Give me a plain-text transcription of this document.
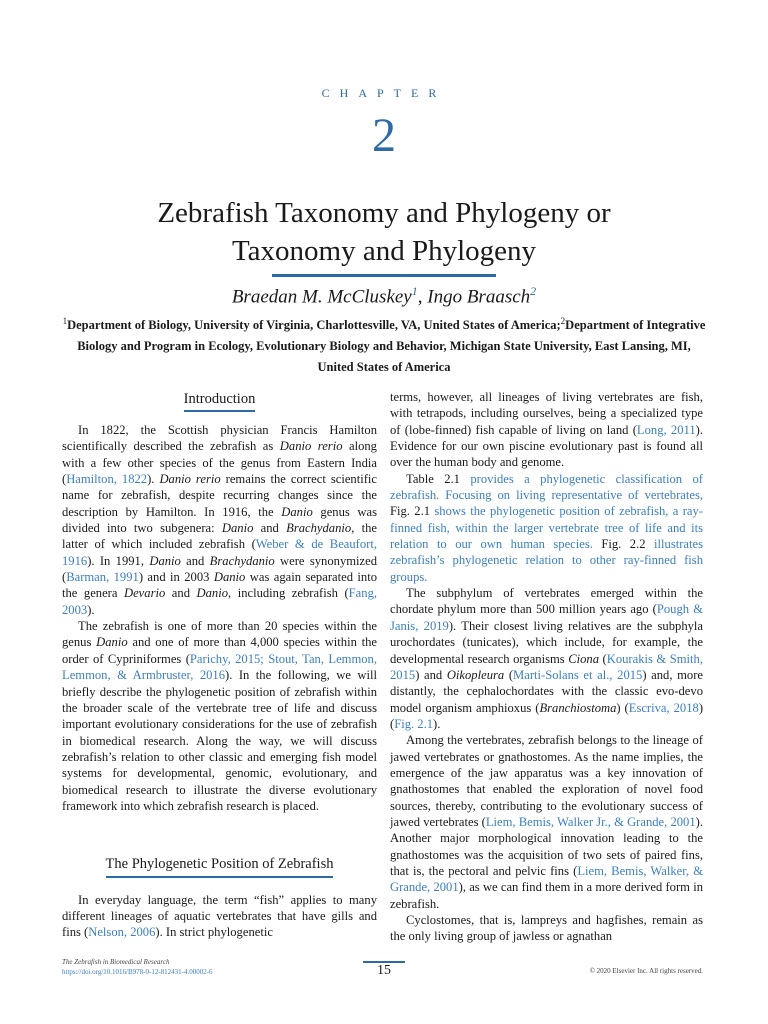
CHAPTER
2
Zebrafish Taxonomy and Phylogeny or
Taxonomy and Phylogeny
Braedan M. McCluskey$^1$, Ingo Braasch$^2$
$^1$Department of Biology, University of Virginia, Charlottesville, VA, United States of America;$^2$Department of Integrative Biology and Program in Ecology, Evolutionary Biology and Behavior, Michigan State University, East Lansing, MI, United States of America
Introduction

In 1822, the Scottish physician Francis Hamilton scientifically described the zebrafish as Danio rerio along with a few other species of the genus from Eastern India (Hamilton, 1822). Danio rerio remains the correct scientific name for zebrafish, despite recurring changes since the description by Hamilton. In 1916, the Danio genus was divided into two subgenera: Danio and Brachydanio, the latter of which included zebrafish (Weber & de Beaufort, 1916). In 1991, Danio and Brachydanio were synonymized (Barman, 1991) and in 2003 Danio was again separated into the genera Devario and Danio, including zebrafish (Fang, 2003).

The zebrafish is one of more than 20 species within the genus Danio and one of more than 4,000 species within the order of Cypriniformes (Parichy, 2015; Stout, Tan, Lemmon, Lemmon, & Armbruster, 2016). In the following, we will briefly describe the phylogenetic position of zebrafish within the broader scale of the vertebrate tree of life and discuss important evolutionary considerations for the use of zebrafish in biomedical research. Along the way, we will discuss zebrafish’s relation to other classic and emerging fish model systems for developmental, genomic, evolutionary, and biomedical research to illustrate the diverse evolutionary framework into which zebrafish research is placed.

The Phylogenetic Position of Zebrafish

In everyday language, the term “fish” applies to many different lineages of aquatic vertebrates that have gills and fins (Nelson, 2006). In strict phylogenetic

terms, however, all lineages of living vertebrates are fish, with tetrapods, including ourselves, being a specialized type of (lobe-finned) fish capable of living on land (Long, 2011). Evidence for our own piscine evolutionary past is found all over the human body and genome.

Table 2.1 provides a phylogenetic classification of zebrafish. Focusing on living representative of vertebrates, Fig. 2.1 shows the phylogenetic position of zebrafish, a ray-finned fish, within the larger vertebrate tree of life and its relation to our own human species. Fig. 2.2 illustrates zebrafish’s phylogenetic relation to other ray-finned fish groups.

The subphylum of vertebrates emerged within the chordate phylum more than 500 million years ago (Pough & Janis, 2019). Their closest living relatives are the subphyla urochordates (tunicates), which include, for example, the developmental research organisms Ciona (Kourakis & Smith, 2015) and Oikopleura (Marti-Solans et al., 2015) and, more distantly, the cephalochordates with the classic evo-devo model organism amphioxus (Branchiostoma) (Escriva, 2018) (Fig. 2.1).

Among the vertebrates, zebrafish belongs to the lineage of jawed vertebrates or gnathostomes. As the name implies, the emergence of the jaw apparatus was a key innovation of gnathostomes that enabled the exploration of novel food sources, thereby, contributing to the evolutionary success of jawed vertebrates (Liem, Bemis, Walker Jr., & Grande, 2001). Another major morphological innovation leading to the gnathostomes was the acquisition of two sets of paired fins, that is, the pectoral and pelvic fins (Liem, Bemis, Walker, & Grande, 2001), as we can find them in a more derived form in zebrafish.

Cyclostomes, that is, lampreys and hagfishes, remain as the only living group of jawless or agnathan

The Zebrafish in Biomedical Research
https://doi.org/10.1016/B978-0-12-812431-4.00002-6	15	© 2020 Elsevier Inc. All rights reserved.
